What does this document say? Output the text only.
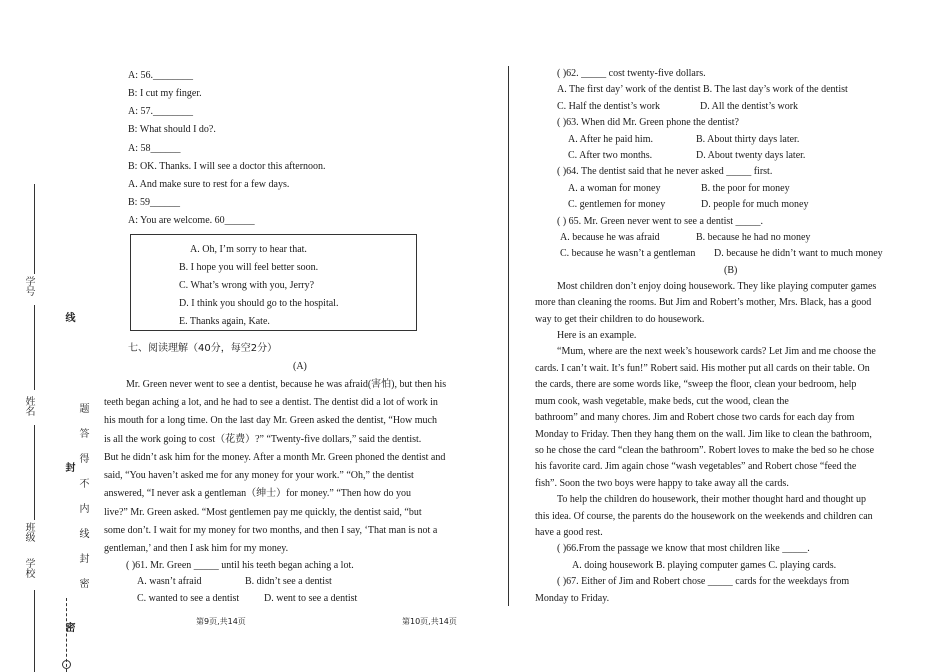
学号
姓名
班级
学校
线
封
密
题答得不内线封密
A: 56.________
B: I cut my finger.
A: 57.________
B: What should I do?.
A: 58______
B: OK. Thanks. I will see a doctor this afternoon.
A. And make sure to rest for a few days.
B: 59______
A: You are welcome. 60______
A. Oh, I’m sorry to hear that.
B. I hope you will feel better soon.
C. What’s wrong with you, Jerry?
D. I think you should go to the hospital.
E. Thanks again, Kate.
七、阅读理解（40分，每空2分）
(A)
Mr. Green never went to see a dentist, because he was afraid(害怕), but then his
teeth began aching a lot, and he had to see a dentist. The dentist did a lot of work in
his mouth for a long time. On the last day Mr. Green asked the dentist, “How much
is all the work going to cost（花费）?” “Twenty-five dollars,” said the dentist.
But he didn’t ask him for the money. After a month Mr. Green phoned the dentist and
said, “You haven’t asked me for any money for your work.” “Oh,” the dentist
answered, “I never ask a gentleman（绅士）for money.” “Then how do you
live?” Mr. Green asked. “Most gentlemen pay me quickly, the dentist said, “but
some don’t. I wait for my money for two months, and then I say, ‘That man is not a
gentleman,’ and then I ask him for my money.
( )61. Mr. Green _____ until his teeth began aching a lot.
A. wasn’t afraid	B. didn’t see a dentist
C. wanted to see a dentist D. went to see a dentist
第9页,共14页
( )62. _____ cost twenty-five dollars.
A. The first day’ work of the dentist B. The last day’s work of the dentist
C. Half the dentist’s work	D. All the dentist’s work
( )63. When did Mr. Green phone the dentist?
A. After he paid him.	B. About thirty days later.
C. After two months.	D. About twenty days later.
( )64. The dentist said that he never asked _____ first.
A. a woman for money	B. the poor for money
C. gentlemen for money	D. people for much money
( ) 65. Mr. Green never went to see a dentist _____.
A. because he was afraid	B. because he had no money
C. because he wasn’t a gentleman D. because he didn’t want to much money
(B)
Most children don’t enjoy doing housework. They like playing computer games
more than cleaning the rooms. But Jim and Robert’s mother, Mrs. Black, has a good
way to get their children to do housework.
Here is an example.
“Mum, where are the next week’s housework cards? Let Jim and me choose the
cards. I can’t wait. It’s fun!” Robert said. His mother put all cards on their table. On
the cards, there are some words like, “sweep the floor, clean your bedroom, help
mum cook, wash vegetable, make beds, cut the wood, clean the
bathroom” and many chores. Jim and Robert chose two cards for each day from
Monday to Friday. Then they hang them on the wall. Jim like to clean the bathroom,
so he chose the card “clean the bathroom”. Robert loves to make the bed so he chose
his favorite card. Jim again chose “wash vegetables” and Robert chose “feed the
fish”. Soon the two boys were happy to take away all the cards.
To help the children do housework, their mother thought hard and thought up
this idea. Of course, the parents do the housework on the weekends and children can
have a good rest.
( )66.From the passage we know that most children like _____.
A. doing housework B. playing computer games C. playing cards.
( )67. Either of Jim and Robert chose _____ cards for the weekdays from
Monday to Friday.
第10页,共14页
